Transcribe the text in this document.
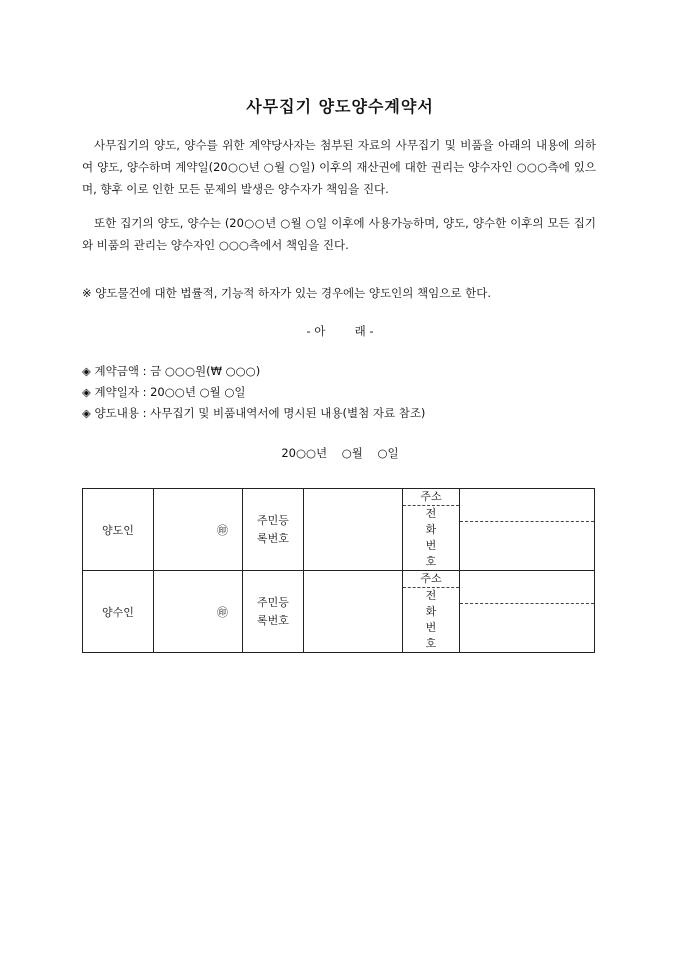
사무집기 양도양수계약서

사무집기의 양도, 양수를 위한 계약당사자는 첨부된 자료의 사무집기 및 비품을 아래의 내용에 의하여 양도, 양수하며 계약일(20○○년 ○월 ○일) 이후의 재산권에 대한 권리는 양수자인 ○○○측에 있으며, 향후 이로 인한 모든 문제의 발생은 양수자가 책임을 진다.

또한 집기의 양도, 양수는 (20○○년 ○월 ○일 이후에 사용가능하며, 양도, 양수한 이후의 모든 집기와 비품의 관리는 양수자인 ○○○측에서 책임을 진다.

※ 양도물건에 대한 법률적, 기능적 하자가 있는 경우에는 양도인의 책임으로 한다.
- 아        래 -
◈ 계약금액 : 금 ○○○원(₩ ○○○)
◈ 계약일자 : 20○○년 ○월 ○일
◈ 양도내용 : 사무집기 및 비품내역서에 명시된 내용(별첨 자료 참조)
20○○년    ○월    ○일
양도인	㊞	주민등록번호		주소
전화번호	

양수인	㊞	주민등록번호		주소
전화번호	
